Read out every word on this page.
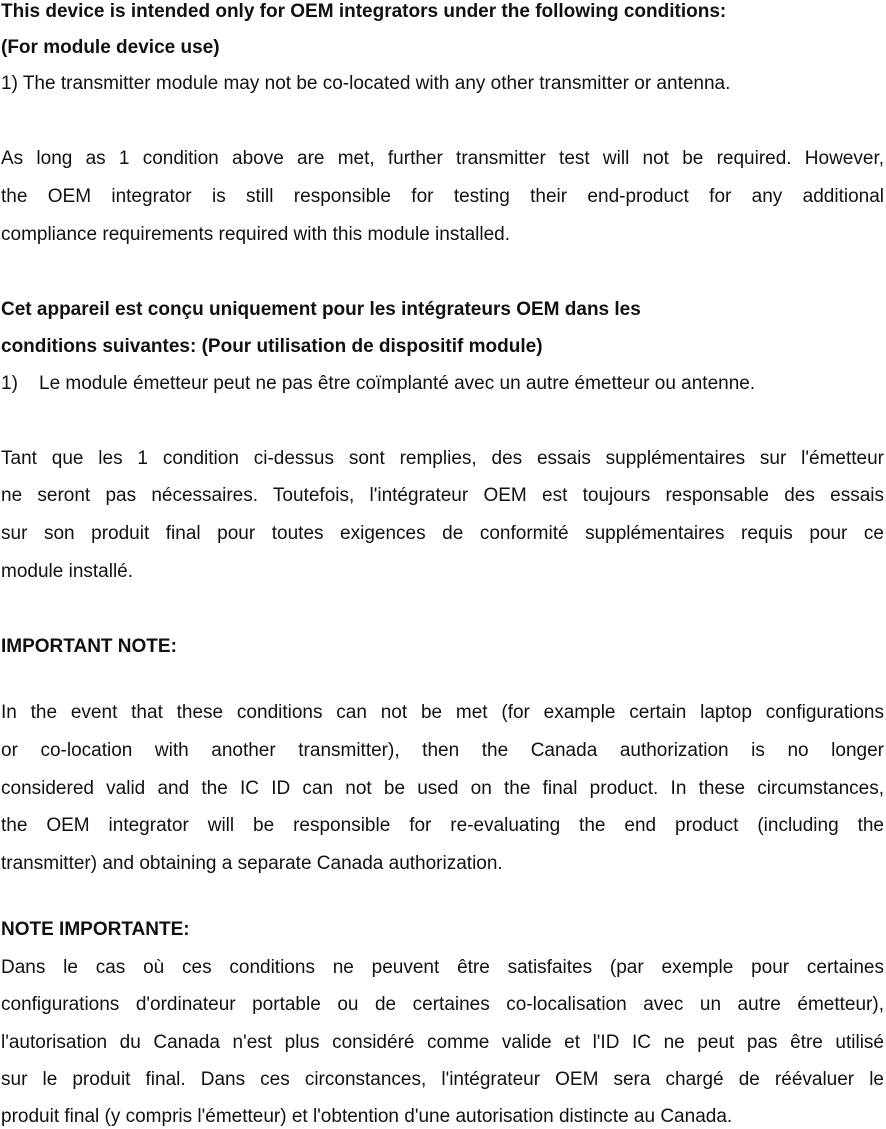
This device is intended only for OEM integrators under the following conditions:
(For module device use)
1) The transmitter module may not be co-located with any other transmitter or antenna.
As long as 1 condition above are met, further transmitter test will not be required. However,
the OEM integrator is still responsible for testing their end-product for any additional
compliance requirements required with this module installed.
Cet appareil est conçu uniquement pour les intégrateurs OEM dans les
conditions suivantes: (Pour utilisation de dispositif module)
1) Le module émetteur peut ne pas être coïmplanté avec un autre émetteur ou antenne.
Tant que les 1 condition ci-dessus sont remplies, des essais supplémentaires sur l'émetteur
ne seront pas nécessaires. Toutefois, l'intégrateur OEM est toujours responsable des essais
sur son produit final pour toutes exigences de conformité supplémentaires requis pour ce
module installé.
IMPORTANT NOTE:
In the event that these conditions can not be met (for example certain laptop configurations
or co-location with another transmitter), then the Canada authorization is no longer
considered valid and the IC ID can not be used on the final product. In these circumstances,
the OEM integrator will be responsible for re-evaluating the end product (including the
transmitter) and obtaining a separate Canada authorization.
NOTE IMPORTANTE:
Dans le cas où ces conditions ne peuvent être satisfaites (par exemple pour certaines
configurations d'ordinateur portable ou de certaines co-localisation avec un autre émetteur),
l'autorisation du Canada n'est plus considéré comme valide et l'ID IC ne peut pas être utilisé
sur le produit final. Dans ces circonstances, l'intégrateur OEM sera chargé de réévaluer le
produit final (y compris l'émetteur) et l'obtention d'une autorisation distincte au Canada.
